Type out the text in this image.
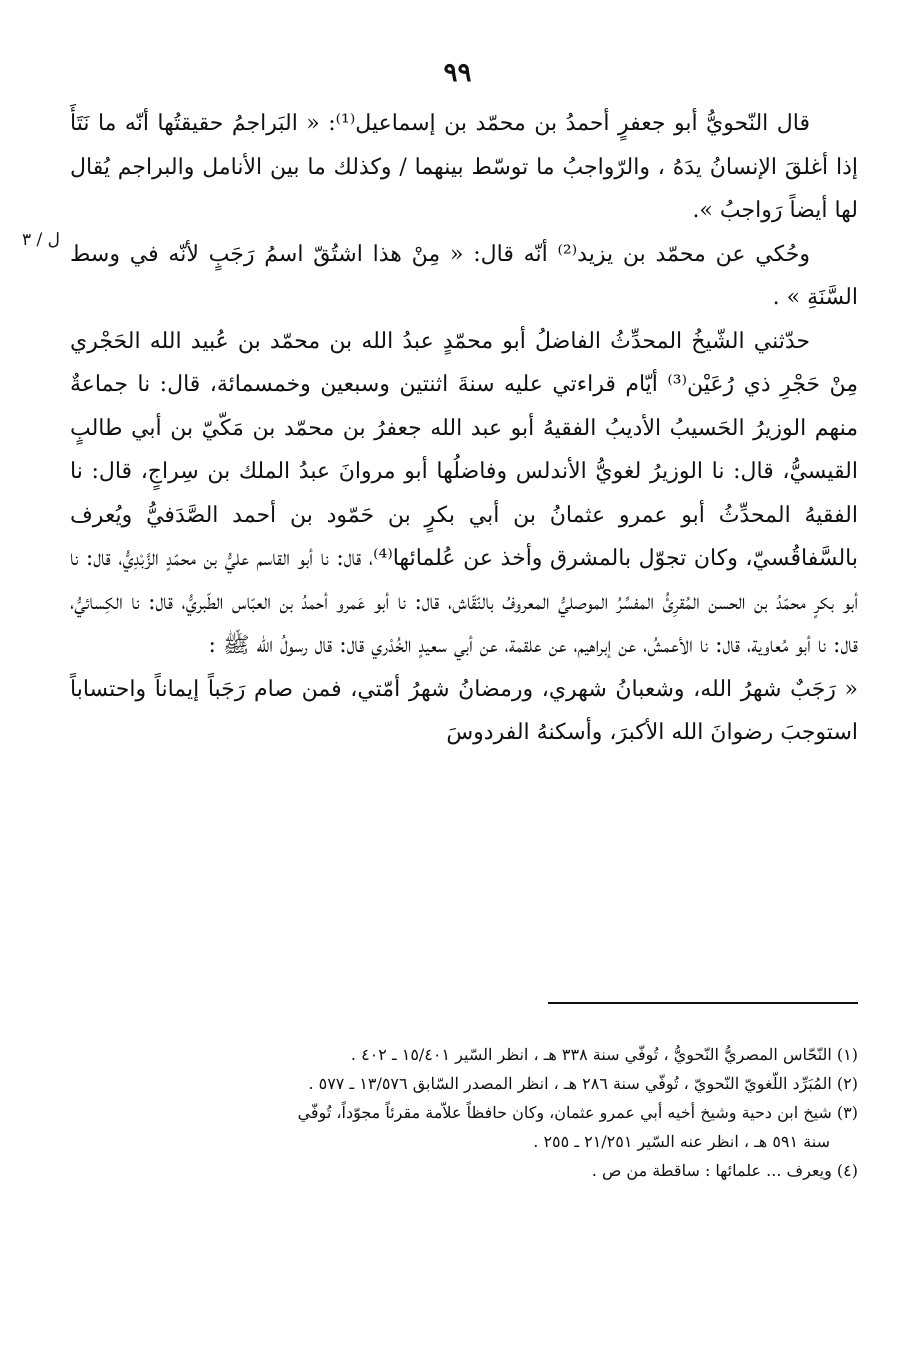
٩٩
ل / ٣

قال النّحويُّ أبو جعفرٍ أحمدُ بن محمّد بن إسماعيل⁽¹⁾: « البَراجمُ حقيقتُها أنّه ما نَتَأَ إذا أغلقَ الإنسانُ يدَهُ ، والرّواجبُ ما توسّط بينهما / وكذلك ما بين الأنامل والبراجم يُقال لها أيضاً رَواجبُ ».

وحُكي عن محمّد بن يزيد⁽²⁾ أنّه قال: « مِنْ هذا اشتُقّ اسمُ رَجَبٍ لأنّه في وسط السَّنَةِ » .

حدّثني الشّيخُ المحدِّثُ الفاضلُ أبو محمّدٍ عبدُ الله بن محمّد بن عُبيد الله الحَجْري مِنْ حَجْرِ ذي رُعَيْن⁽³⁾ أيّام قراءتي عليه سنةَ اثنتين وسبعين وخمسمائة، قال: نا جماعةٌ منهم الوزيرُ الحَسيبُ الأديبُ الفقيهُ أبو عبد الله جعفرُ بن محمّد بن مَكّيّ بن أبي طالبٍ القيسيُّ، قال: نا الوزيرُ لغويُّ الأندلس وفاضلُها أبو مروانَ عبدُ الملك بن سِراجٍ، قال: نا الفقيهُ المحدِّثُ أبو عمرو عثمانُ بن أبي بكرٍ بن حَمّود بن أحمد الصَّدَفيُّ ويُعرف بالسَّفاقُسيّ، وكان تجوّل بالمشرق وأخذ عن عُلمائها⁽⁴⁾، قال: نا أبو القاسم عليُّ بن محمّدٍ الزَّبْدِيُّ، قال: نا أبو بكرٍ محمّدُ بن الحسن المُقرِئُ المفسِّرُ الموصليُّ المعروفُ بالنّقّاش، قال: نا أبو عَمرو أحمدُ بن العبّاس الطّبريُّ، قال: نا الكِسائيُّ، قال: نا أبو مُعاوية، قال: نا الأعمشُ، عن إبراهيم، عن علقمة، عن أبي سعيدٍ الخُدْري قال: قال رسولُ الله ﷺ :

« رَجَبٌ شهرُ الله، وشعبانُ شهري، ورمضانُ شهرُ أمّتي، فمن صام رَجَباً إيماناً واحتساباً استوجبَ رضوانَ الله الأكبرَ، وأسكنهُ الفردوسَ

(١) النّحّاس المصريُّ النّحويُّ ، تُوفّي سنة ٣٣٨ هـ ، انظر السّير ١٥/٤٠١ ـ ٤٠٢ .

(٢) المُبَرِّد اللّغويّ النّحويّ ، تُوفّي سنة ٢٨٦ هـ ، انظر المصدر السّابق ١٣/٥٧٦ ـ ٥٧٧ .

(٣) شيخ ابن دحية وشيخ أخيه أبي عمرو عثمان، وكان حافظاً علاّمة مقرئاً مجوّداً، تُوفّي
سنة ٥٩١ هـ ، انظر عنه السّير ٢١/٢٥١ ـ ٢٥٥ .

(٤) ويعرف ... علمائها : ساقطة من ص .
